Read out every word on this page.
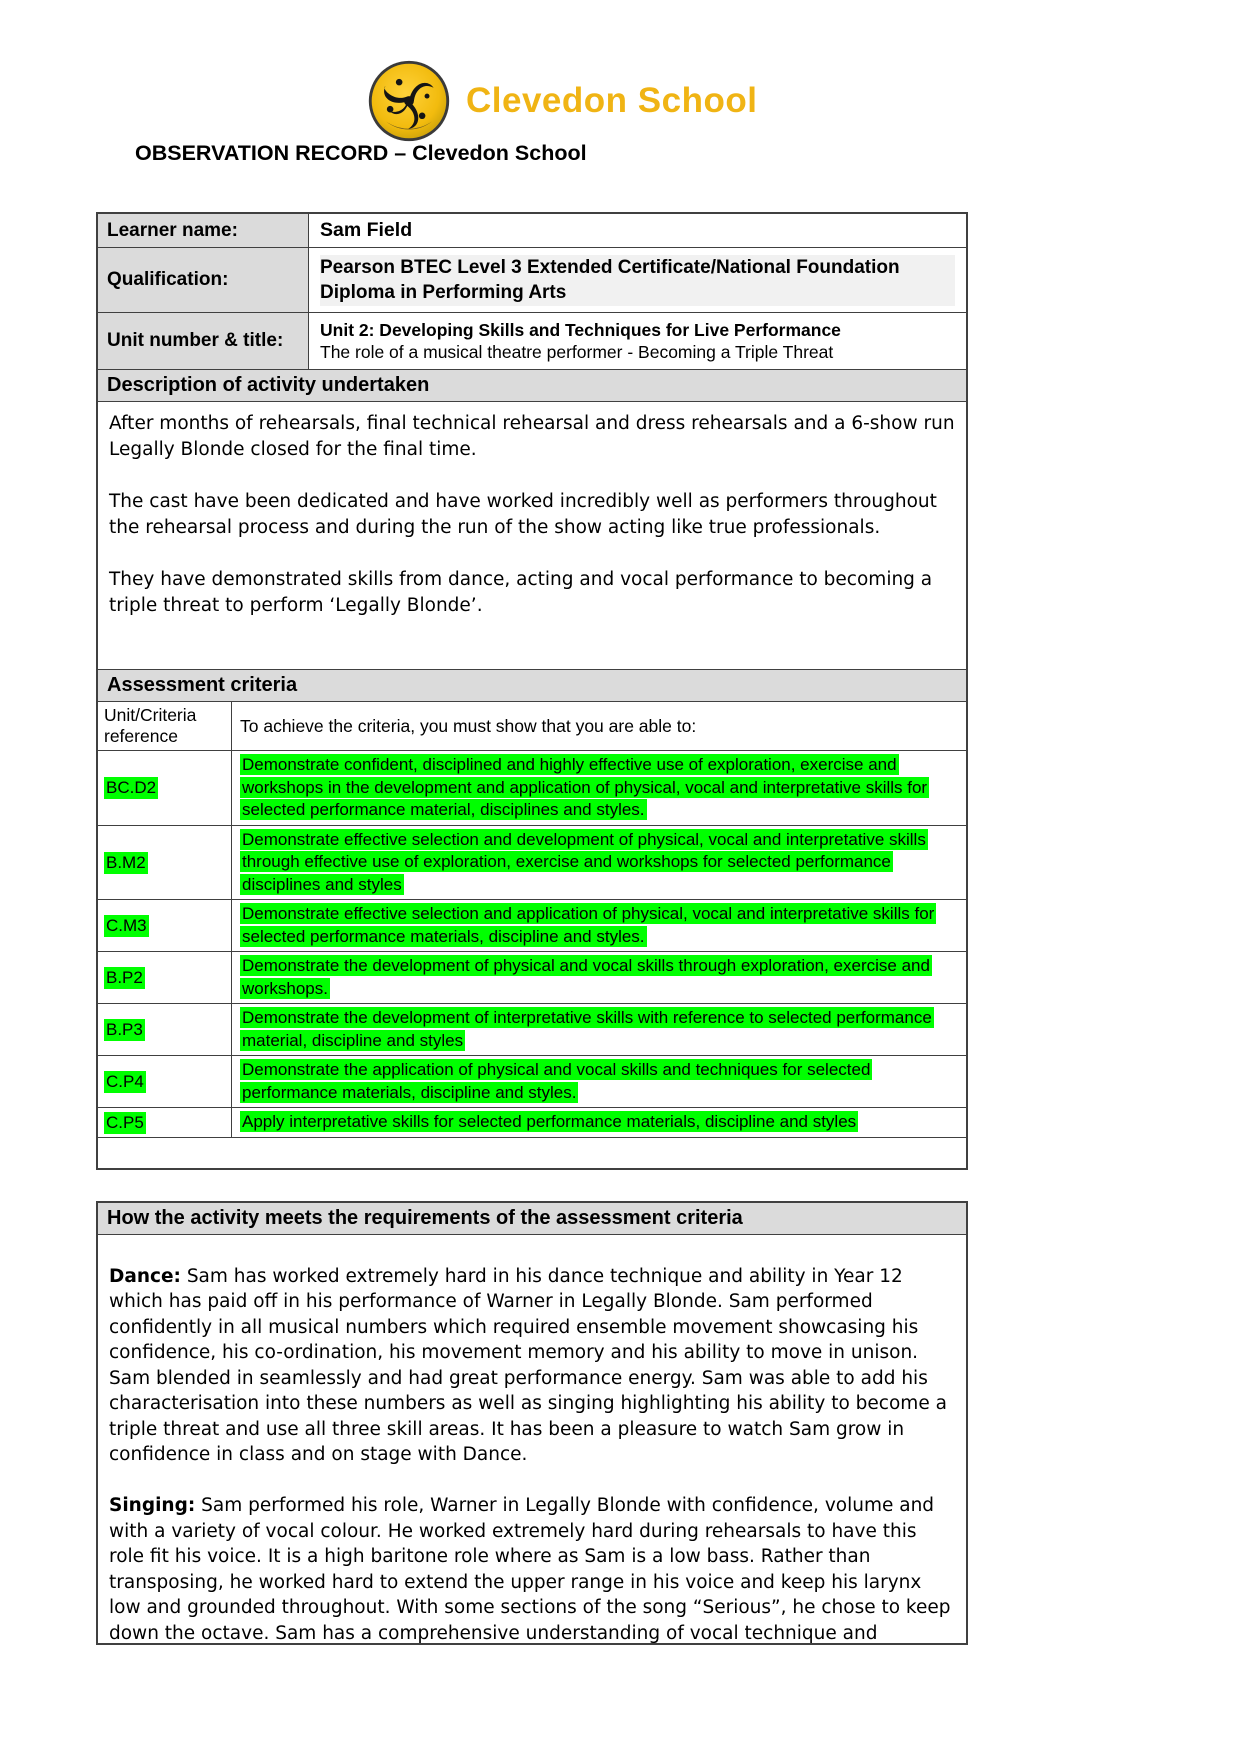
Clevedon School
OBSERVATION RECORD – Clevedon School
Learner name:	Sam Field
Qualification:
Pearson BTEC Level 3 Extended Certificate/National Foundation Diploma in Performing Arts
Unit number & title:
Unit 2: Developing Skills and Techniques for Live Performance
The role of a musical theatre performer - Becoming a Triple Threat
Description of activity undertaken

After months of rehearsals, final technical rehearsal and dress rehearsals and a 6-show run Legally Blonde closed for the final time.

The cast have been dedicated and have worked incredibly well as performers throughout the rehearsal process and during the run of the show acting like true professionals.

They have demonstrated skills from dance, acting and vocal performance to becoming a triple threat to perform ‘Legally Blonde’.

Assessment criteria
Unit/Criteria reference
To achieve the criteria, you must show that you are able to:
BC.D2
Demonstrate confident, disciplined and highly effective use of exploration, exercise and workshops in the development and application of physical, vocal and interpretative skills for selected performance material, disciplines and styles.
B.M2
Demonstrate effective selection and development of physical, vocal and interpretative skills through effective use of exploration, exercise and workshops for selected performance disciplines and styles
C.M3
Demonstrate effective selection and application of physical, vocal and interpretative skills for selected performance materials, discipline and styles.
B.P2
Demonstrate the development of physical and vocal skills through exploration, exercise and workshops.
B.P3
Demonstrate the development of interpretative skills with reference to selected performance material, discipline and styles
C.P4
Demonstrate the application of physical and vocal skills and techniques for selected performance materials, discipline and styles.
C.P5	Apply interpretative skills for selected performance materials, discipline and styles
How the activity meets the requirements of the assessment criteria

Dance: Sam has worked extremely hard in his dance technique and ability in Year 12 which has paid off in his performance of Warner in Legally Blonde. Sam performed confidently in all musical numbers which required ensemble movement showcasing his confidence, his co-ordination, his movement memory and his ability to move in unison. Sam blended in seamlessly and had great performance energy. Sam was able to add his characterisation into these numbers as well as singing highlighting his ability to become a triple threat and use all three skill areas. It has been a pleasure to watch Sam grow in confidence in class and on stage with Dance.

Singing: Sam performed his role, Warner in Legally Blonde with confidence, volume and with a variety of vocal colour. He worked extremely hard during rehearsals to have this role fit his voice. It is a high baritone role where as Sam is a low bass. Rather than transposing, he worked hard to extend the upper range in his voice and keep his larynx low and grounded throughout. With some sections of the song “Serious”, he chose to keep down the octave. Sam has a comprehensive understanding of vocal technique and
